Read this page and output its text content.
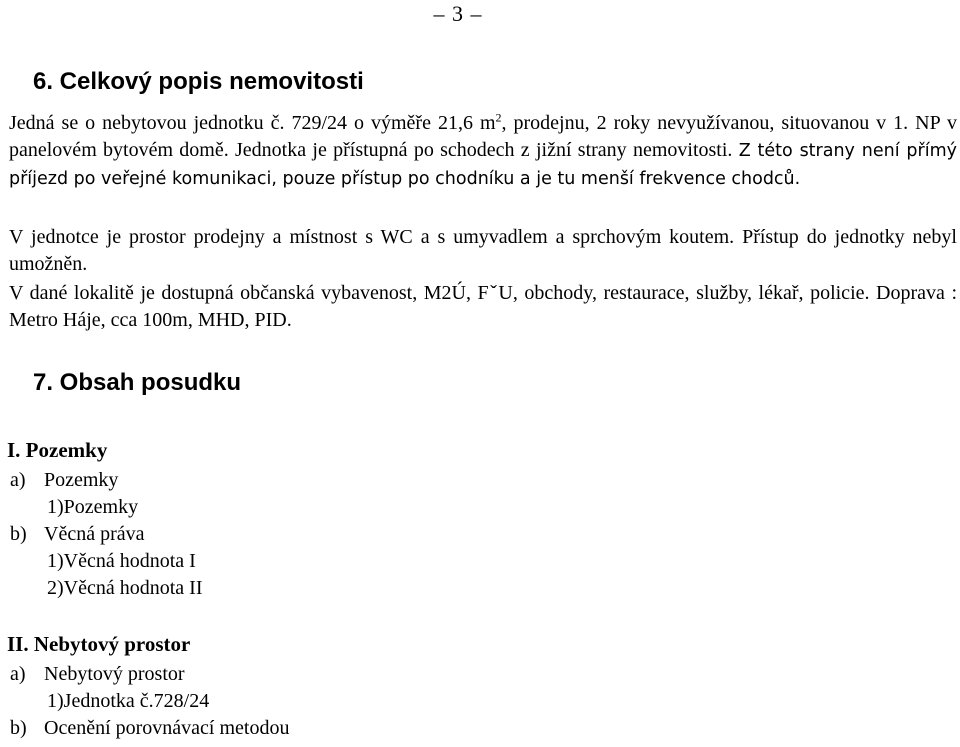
– 3 –
6. Celkový popis nemovitosti

Jedná se o nebytovou jednotku č. 729/24 o výměře 21,6 $m^2$, prodejnu, 2 roky nevyužívanou, situovanou v 1. NP v panelovém bytovém domě. Jednotka je přístupná po schodech z jižní strany nemovitosti. Z této strany není přímý příjezd po veřejné komunikaci, pouze přístup po chodníku a je tu menší frekvence chodců.

V jednotce je prostor prodejny a místnost s WC a s umyvadlem a sprchovým koutem. Přístup do jednotky nebyl umožněn.

V dané lokalitě je dostupná občanská vybavenost, M2Ú, FˇU, obchody, restaurace, služby, lékař, policie. Doprava : Metro Háje, cca 100m, MHD, PID.

7. Obsah posudku
I. Pozemky
a) Pozemky
1)Pozemky
b) Věcná práva
1)Věcná hodnota I
2)Věcná hodnota II
II. Nebytový prostor
a) Nebytový prostor
1)Jednotka č.728/24
b) Ocenění porovnávací metodou
